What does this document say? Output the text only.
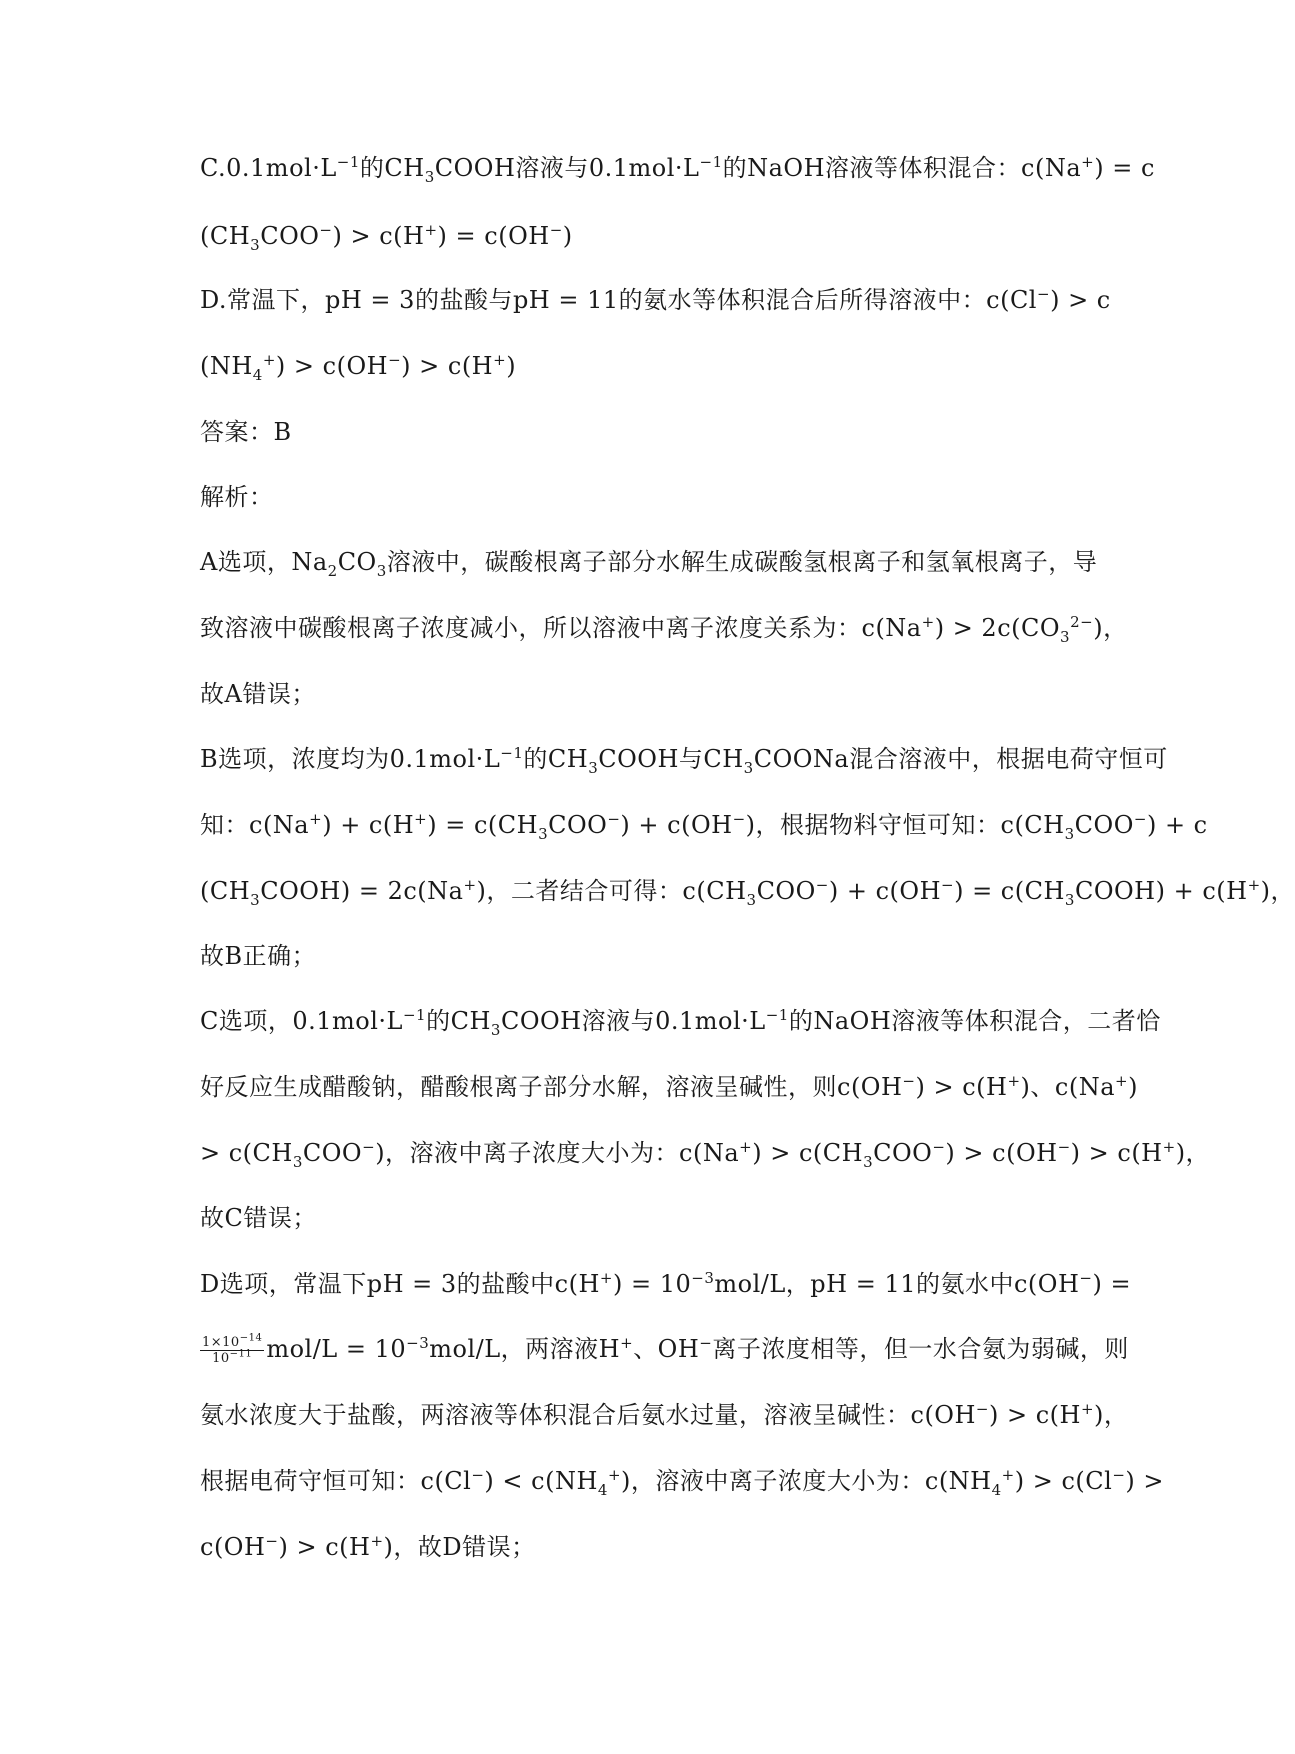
$C.0.1mol\cdot L^{-1}$的$CH_3COOH$溶液与$0.1mol\cdot L^{-1}$的NaOH溶液等体积混合：c(Na+) = c
$(CH_3COO^-) > c(H^+) = c(OH^-)$
D.常温下，pH = 3的盐酸与pH = 11的氨水等体积混合后所得溶液中：c(Cl−) > c
$(NH_4^+) > c(OH^-) > c(H^+)$
答案：B
解析：
A选项，$Na_2CO_3$溶液中，碳酸根离子部分水解生成碳酸氢根离子和氢氧根离子，导
致溶液中碳酸根离子浓度减小，所以溶液中离子浓度关系为：$c(Na^+) > 2c(CO_3^{2-})$，
故A错误；
B选项，浓度均为$0.1mol\cdot L^{-1}$的$CH_3COOH$与$CH_3COONa$混合溶液中，根据电荷守恒可
知：$c(Na^+) + c(H^+) = c(CH_3COO^-) + c(OH^-)$，根据物料守恒可知：$c(CH_3COO^-) + c$
$(CH_3COOH) = 2c(Na^+)$，二者结合可得：$c(CH_3COO^-) + c(OH^-)$ = $c(CH_3COOH) + c(H^+)$，
故B正确；
C选项，$0.1mol\cdot L^{-1}$的$CH_3COOH$溶液与$0.1mol\cdot L^{-1}$的NaOH溶液等体积混合，二者恰
好反应生成醋酸钠，醋酸根离子部分水解，溶液呈碱性，则c(OH−) > c(H+)、c(Na+)
> $c(CH_3COO^-)$，溶液中离子浓度大小为：$c(Na^+) > c(CH_3COO^-) > c(OH^-) > c(H^+)$，
故C错误；
D选项，常温下pH = 3的盐酸中$c(H^+) = 10^{-3}mol/L$，pH = 11的氨水中c(OH−) =
$\frac{1\times 10^{-14}}{10^{-11}} mol/L = 10^{-3}mol/L$，两溶液H+、OH−离子浓度相等，但一水合氨为弱碱，则
氨水浓度大于盐酸，两溶液等体积混合后氨水过量，溶液呈碱性：c(OH−) > c(H+)，
根据电荷守恒可知：$c(Cl^-) < c(NH_4^+)$，溶液中离子浓度大小为：$c(NH_4^+) > c(Cl^-)$ >
c(OH−) > c(H+)，故D错误；
